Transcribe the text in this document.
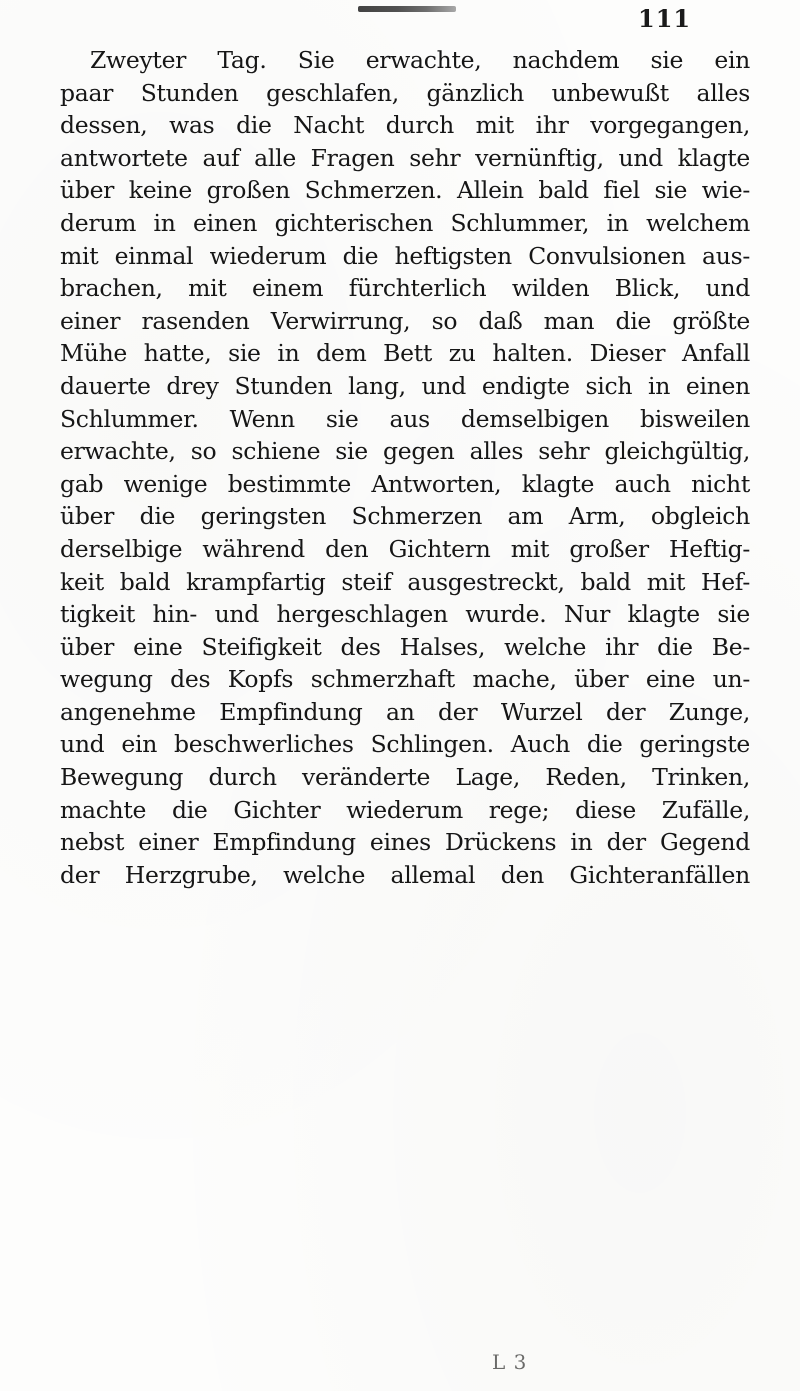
111
Zweyter Tag. Sie erwachte, nachdem sie ein
paar Stunden geschlafen, gänzlich unbewußt alles
dessen, was die Nacht durch mit ihr vorgegangen,
antwortete auf alle Fragen sehr vernünftig, und klagte
über keine großen Schmerzen. Allein bald fiel sie wie-
derum in einen gichterischen Schlummer, in welchem
mit einmal wiederum die heftigsten Convulsionen aus-
brachen, mit einem fürchterlich wilden Blick, und
einer rasenden Verwirrung, so daß man die größte
Mühe hatte, sie in dem Bett zu halten. Dieser Anfall
dauerte drey Stunden lang, und endigte sich in einen
Schlummer. Wenn sie aus demselbigen bisweilen
erwachte, so schiene sie gegen alles sehr gleichgültig,
gab wenige bestimmte Antworten, klagte auch nicht
über die geringsten Schmerzen am Arm, obgleich
derselbige während den Gichtern mit großer Heftig-
keit bald krampfartig steif ausgestreckt, bald mit Hef-
tigkeit hin- und hergeschlagen wurde. Nur klagte sie
über eine Steifigkeit des Halses, welche ihr die Be-
wegung des Kopfs schmerzhaft mache, über eine un-
angenehme Empfindung an der Wurzel der Zunge,
und ein beschwerliches Schlingen. Auch die geringste
Bewegung durch veränderte Lage, Reden, Trinken,
machte die Gichter wiederum rege; diese Zufälle,
nebst einer Empfindung eines Drückens in der Gegend
der Herzgrube, welche allemal den Gichteranfällen
L 3
